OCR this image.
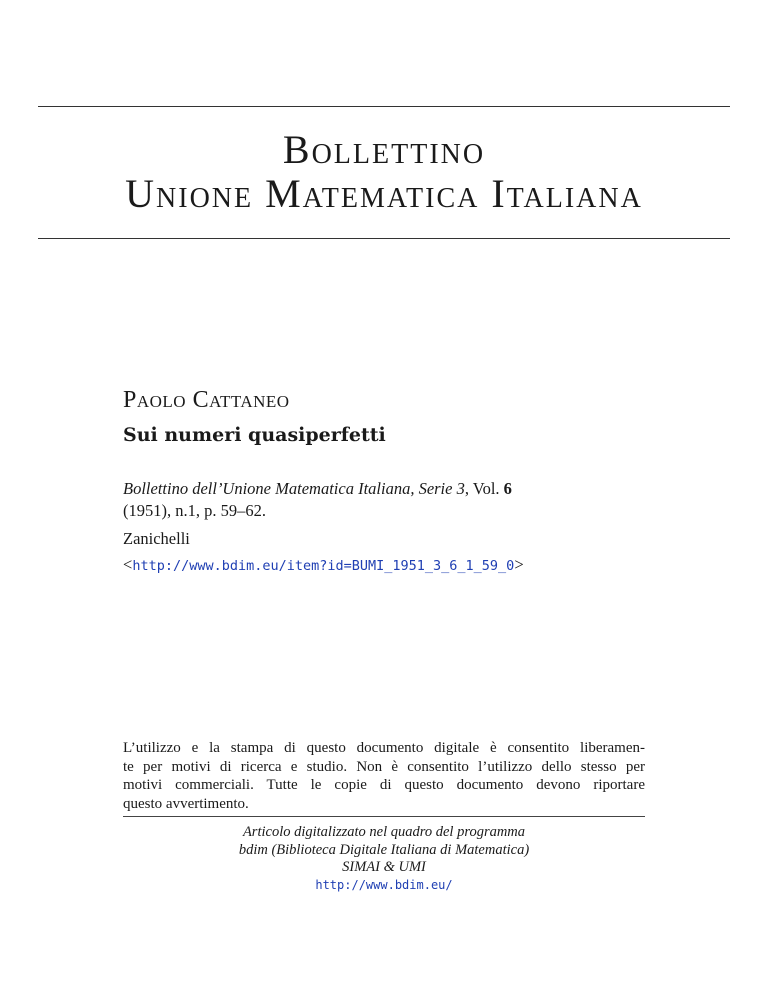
Bollettino
Unione Matematica Italiana
Paolo Cattaneo
Sui numeri quasiperfetti
Bollettino dell’Unione Matematica Italiana, Serie 3, Vol. 6
(1951), n.1, p. 59–62.
Zanichelli
<http://www.bdim.eu/item?id=BUMI_1951_3_6_1_59_0>
L’utilizzo e la stampa di questo documento digitale è consentito liberamen-
te per motivi di ricerca e studio. Non è consentito l’utilizzo dello stesso per
motivi commerciali. Tutte le copie di questo documento devono riportare
questo avvertimento.
Articolo digitalizzato nel quadro del programma
bdim (Biblioteca Digitale Italiana di Matematica)
SIMAI & UMI
http://www.bdim.eu/
